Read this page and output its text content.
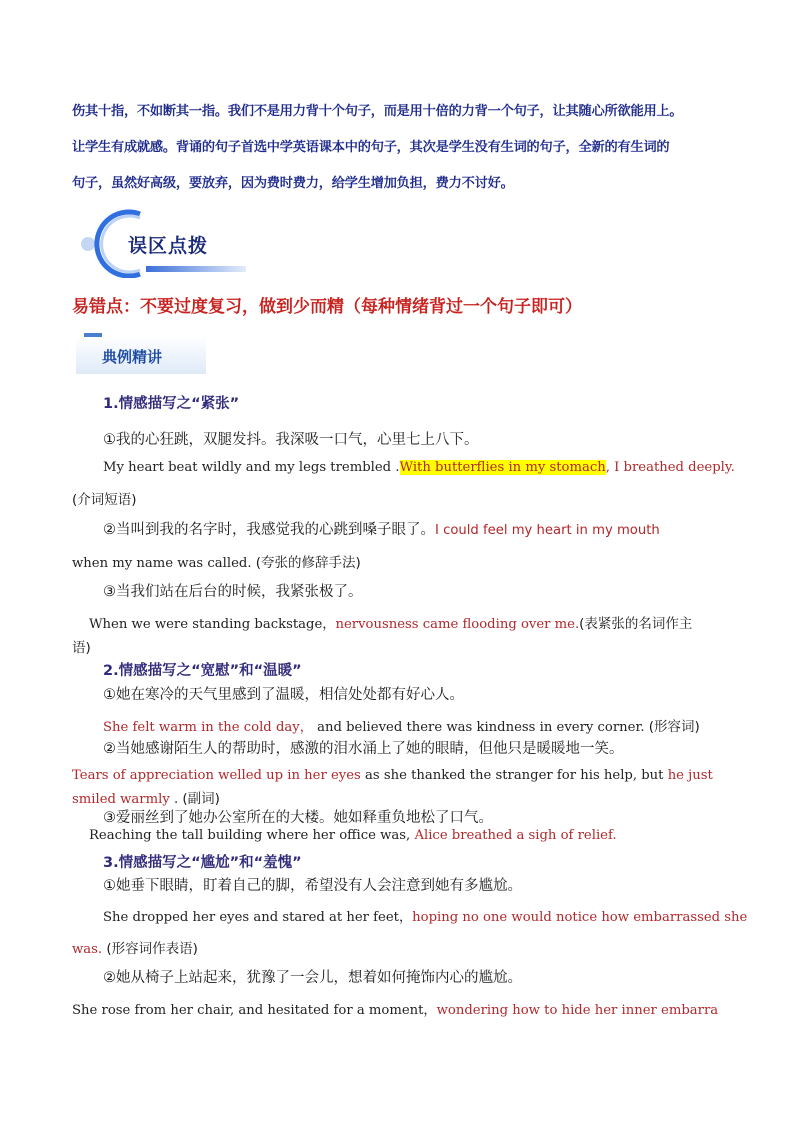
伤其十指，不如断其一指。我们不是用力背十个句子，而是用十倍的力背一个句子，让其随心所欲能用上。
让学生有成就感。背诵的句子首选中学英语课本中的句子，其次是学生没有生词的句子，全新的有生词的
句子，虽然好高级，要放弃，因为费时费力，给学生增加负担，费力不讨好。
误区点拨
易错点：不要过度复习，做到少而精（每种情绪背过一个句子即可）
典例精讲
1.情感描写之“紧张”
①我的心狂跳，双腿发抖。我深吸一口气，心里七上八下。
My heart beat wildly and my legs trembled .With butterflies in my stomach, I breathed deeply.
(介词短语)
②当叫到我的名字时，我感觉我的心跳到嗓子眼了。I could feel my heart in my mouth
when my name was called. (夸张的修辞手法)
③当我们站在后台的时候，我紧张极了。
When we were standing backstage，nervousness came flooding over me.(表紧张的名词作主
语)
2.情感描写之“宽慰”和“温暖”
①她在寒冷的天气里感到了温暖，相信处处都有好心人。
She felt warm in the cold day， and believed there was kindness in every corner. (形容词)
②当她感谢陌生人的帮助时，感激的泪水涌上了她的眼睛，但他只是暖暖地一笑。
Tears of appreciation welled up in her eyes as she thanked the stranger for his help, but he just
smiled warmly . (副词)
③爱丽丝到了她办公室所在的大楼。她如释重负地松了口气。
Reaching the tall building where her office was, Alice breathed a sigh of relief.
3.情感描写之“尴尬”和“羞愧”
①她垂下眼睛，盯着自己的脚，希望没有人会注意到她有多尴尬。
She dropped her eyes and stared at her feet，hoping no one would notice how embarrassed she
was. (形容词作表语)
②她从椅子上站起来，犹豫了一会儿，想着如何掩饰内心的尴尬。
She rose from her chair, and hesitated for a moment，wondering how to hide her inner embarra
